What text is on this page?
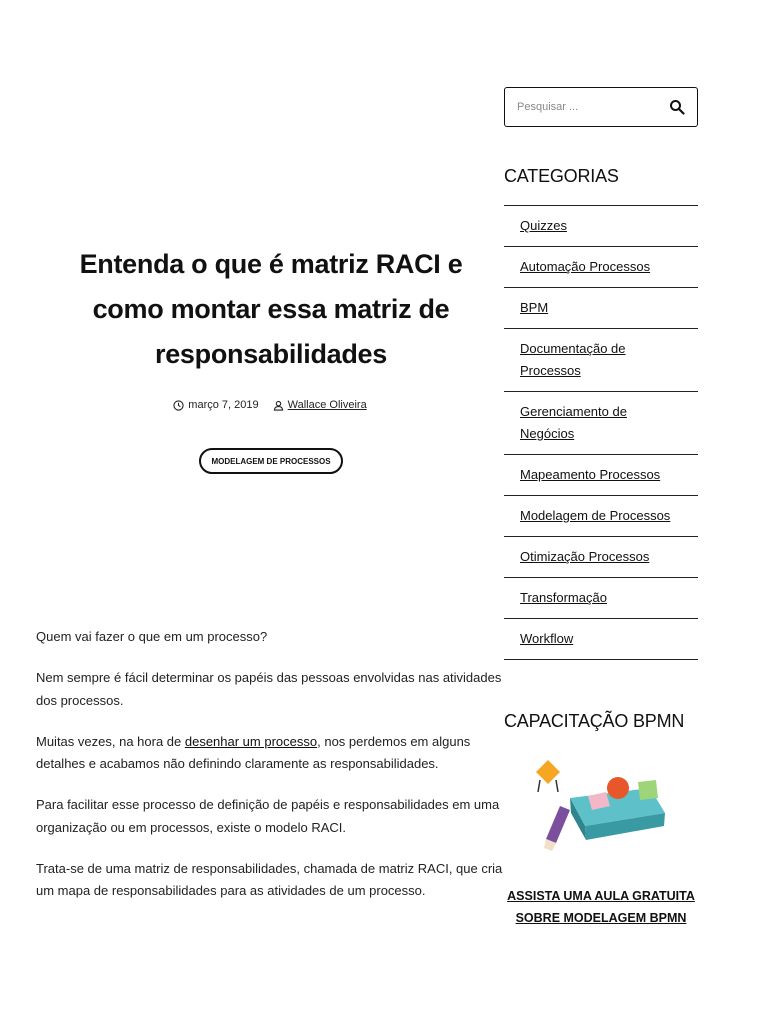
Entenda o que é matriz RACI e como montar essa matriz de responsabilidades
março 7, 2019	Wallace Oliveira
MODELAGEM DE PROCESSOS

Quem vai fazer o que em um processo?

Nem sempre é fácil determinar os papéis das pessoas envolvidas nas atividades dos processos.

Muitas vezes, na hora de desenhar um processo, nos perdemos em alguns detalhes e acabamos não definindo claramente as responsabilidades.

Para facilitar esse processo de definição de papéis e responsabilidades em uma organização ou em processos, existe o modelo RACI.

Trata-se de uma matriz de responsabilidades, chamada de matriz RACI, que cria um mapa de responsabilidades para as atividades de um processo.

Pesquisar ...
CATEGORIAS
Quizzes
Automação Processos
BPM
Documentação de Processos
Gerenciamento de Negócios
Mapeamento Processos
Modelagem de Processos
Otimização Processos
Transformação
Workflow
CAPACITAÇÃO BPMN
ASSISTA UMA AULA GRATUITA SOBRE MODELAGEM BPMN
